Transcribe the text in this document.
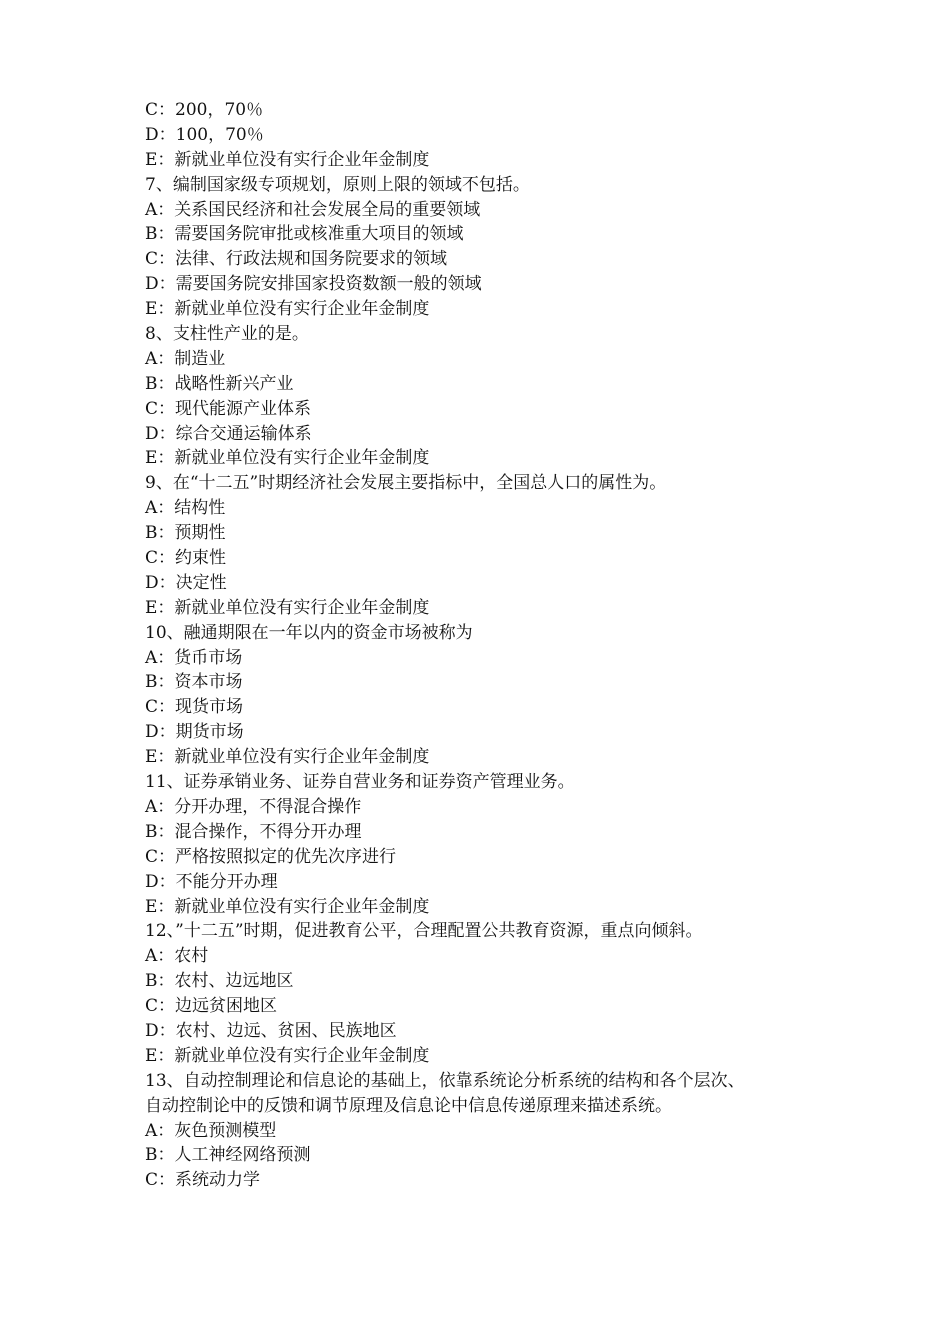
C：200，70％

D：100，70％

E：新就业单位没有实行企业年金制度

7、编制国家级专项规划，原则上限的领域不包括。

A：关系国民经济和社会发展全局的重要领域

B：需要国务院审批或核准重大项目的领域

C：法律、行政法规和国务院要求的领域

D：需要国务院安排国家投资数额一般的领域

E：新就业单位没有实行企业年金制度

8、支柱性产业的是。

A：制造业

B：战略性新兴产业

C：现代能源产业体系

D：综合交通运输体系

E：新就业单位没有实行企业年金制度

9、在“十二五”时期经济社会发展主要指标中，全国总人口的属性为。

A：结构性

B：预期性

C：约束性

D：决定性

E：新就业单位没有实行企业年金制度

10、融通期限在一年以内的资金市场被称为

A：货币市场

B：资本市场

C：现货市场

D：期货市场

E：新就业单位没有实行企业年金制度

11、证券承销业务、证券自营业务和证券资产管理业务。

A：分开办理，不得混合操作

B：混合操作，不得分开办理

C：严格按照拟定的优先次序进行

D：不能分开办理

E：新就业单位没有实行企业年金制度

12、”十二五”时期，促进教育公平，合理配置公共教育资源，重点向倾斜。

A：农村

B：农村、边远地区

C：边远贫困地区

D：农村、边远、贫困、民族地区

E：新就业单位没有实行企业年金制度

13、自动控制理论和信息论的基础上，依靠系统论分析系统的结构和各个层次、

自动控制论中的反馈和调节原理及信息论中信息传递原理来描述系统。

A：灰色预测模型

B：人工神经网络预测

C：系统动力学
